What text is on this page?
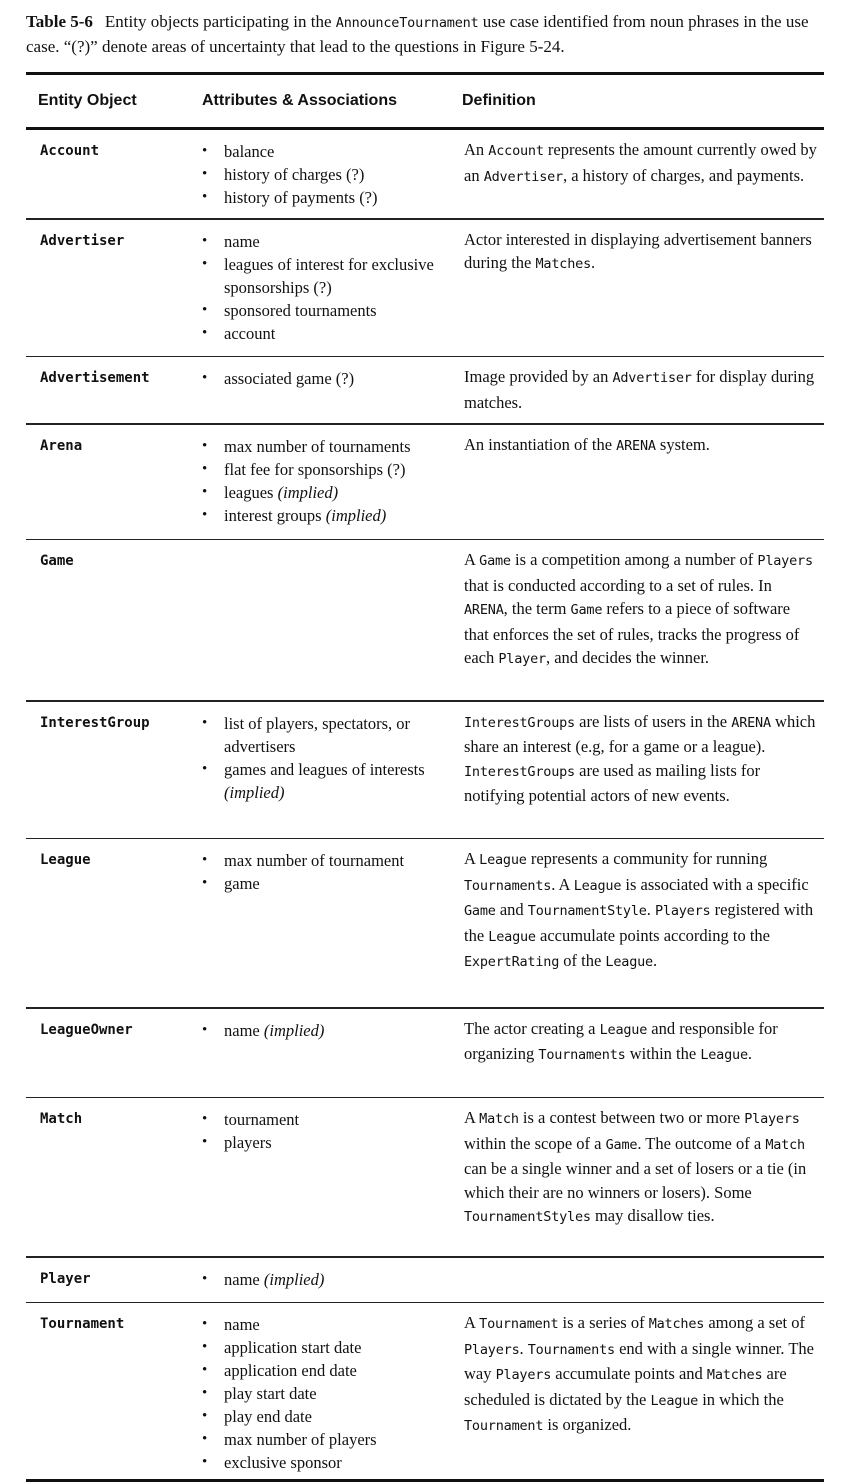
Table 5-6 Entity objects participating in the AnnounceTournament use case identified from noun phrases in the use case. “(?)” denote areas of uncertainty that lead to the questions in Figure 5-24.

Entity Object	Attributes & Associations	Definition
Account	• balance
• history of charges (?)
• history of payments (?)
An Account represents the amount currently owed by an Advertiser, a history of charges, and payments.
Advertiser	• name
• leagues of interest for exclusive sponsorships (?)
• sponsored tournaments
• account
Actor interested in displaying advertisement banners during the Matches.
Advertisement	• associated game (?)	Image provided by an Advertiser for display during matches.
Arena	• max number of tournaments
• flat fee for sponsorships (?)
• leagues (implied)
• interest groups (implied)
An instantiation of the ARENA system.
Game	A Game is a competition among a number of Players that is conducted according to a set of rules. In ARENA, the term Game refers to a piece of software that enforces the set of rules, tracks the progress of each Player, and decides the winner.
InterestGroup	• list of players, spectators, or advertisers
• games and leagues of interests (implied)
InterestGroups are lists of users in the ARENA which share an interest (e.g, for a game or a league). InterestGroups are used as mailing lists for notifying potential actors of new events.
League	• max number of tournament
• game
A League represents a community for running Tournaments. A League is associated with a specific Game and TournamentStyle. Players registered with the League accumulate points according to the ExpertRating of the League.
LeagueOwner	• name (implied)	The actor creating a League and responsible for organizing Tournaments within the League.
Match	• tournament
• players
A Match is a contest between two or more Players within the scope of a Game. The outcome of a Match can be a single winner and a set of losers or a tie (in which their are no winners or losers). Some TournamentStyles may disallow ties.
Player	• name (implied)
Tournament	• name
• application start date
• application end date
• play start date
• play end date
• max number of players
• exclusive sponsor
A Tournament is a series of Matches among a set of Players. Tournaments end with a single winner. The way Players accumulate points and Matches are scheduled is dictated by the League in which the Tournament is organized.
